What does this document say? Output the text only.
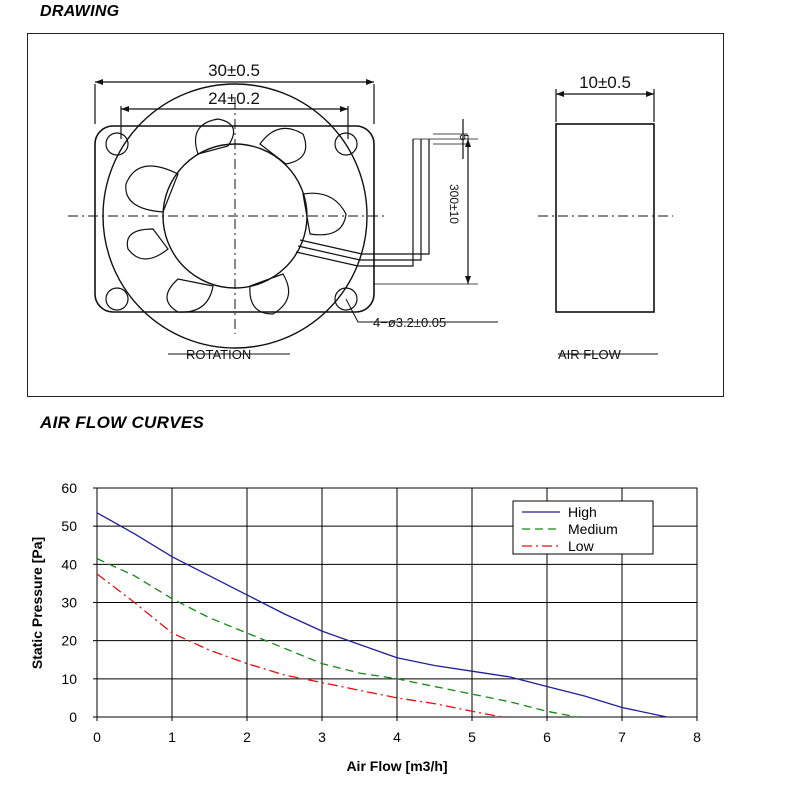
DRAWING
30±0.5
24±0.2
10±0.5
5
300±10
4−ø3.2±0.05
ROTATION	AIR FLOW
AIR FLOW CURVES
0	1	2	3	4	5	6	7	8
0
10
20
30
40
50
60
Air Flow [m3/h]
Static Pressure [Pa]
High
Medium
Low
